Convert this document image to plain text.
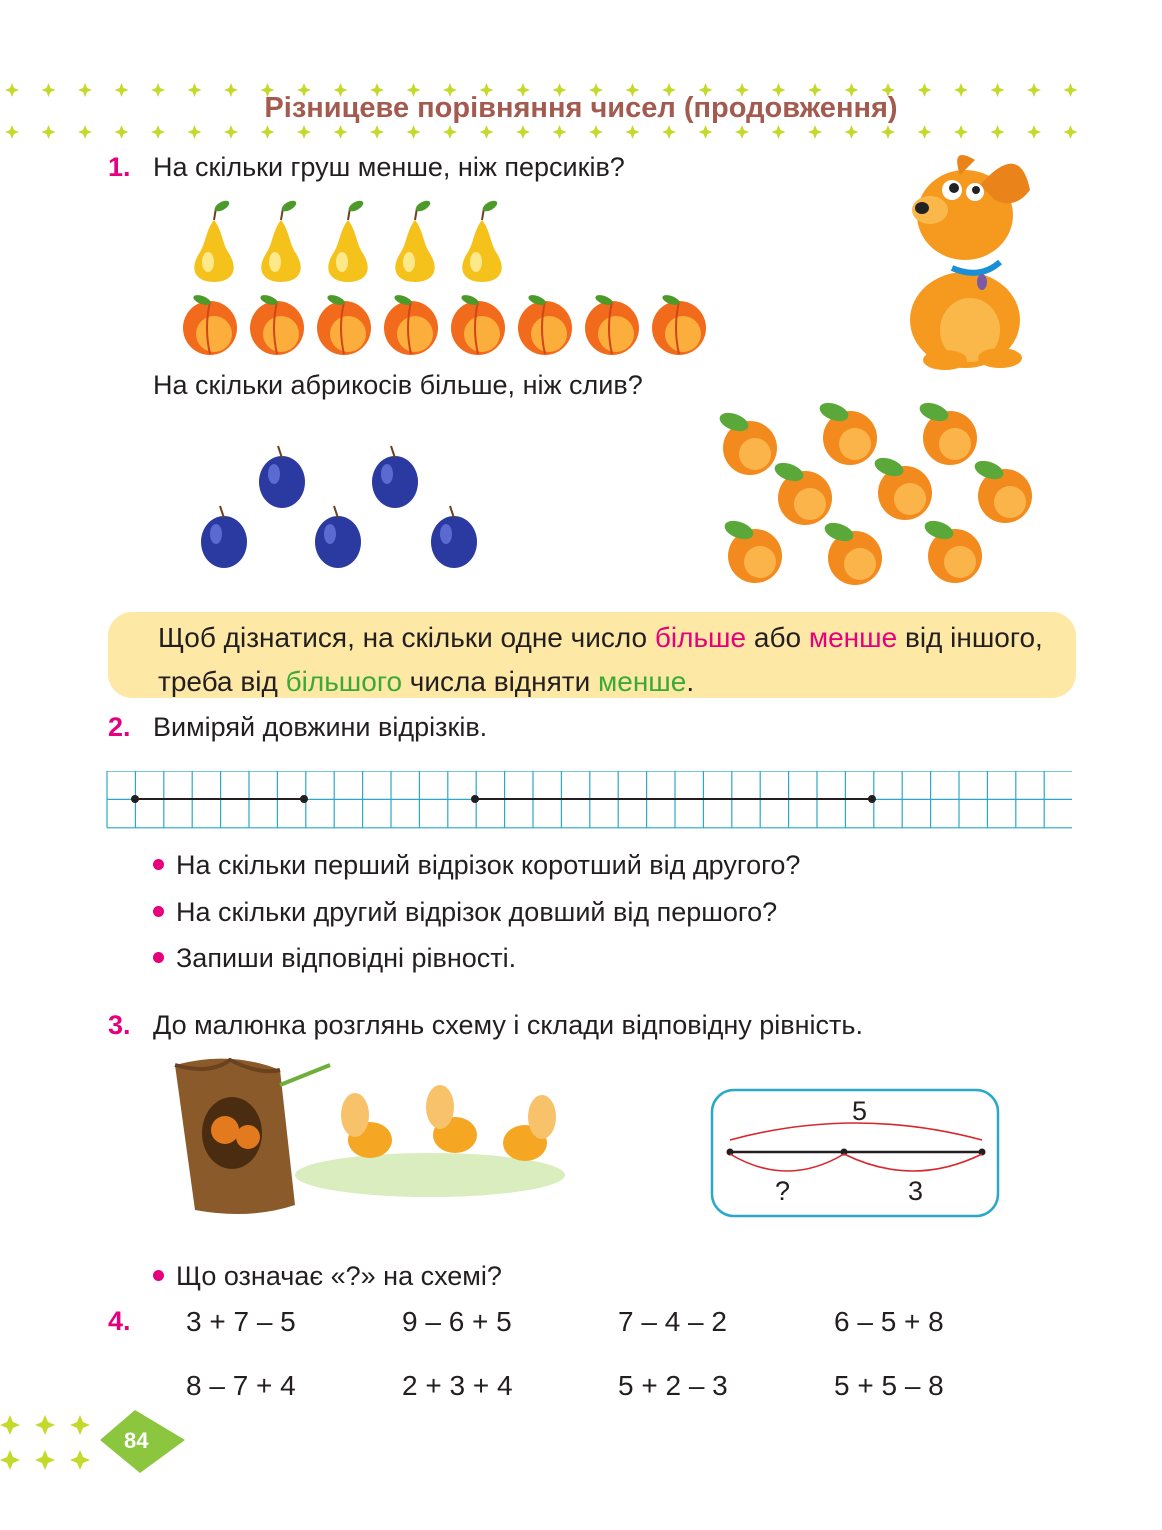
Різницеве порівняння чисел (продовження)
1. На скільки груш менше, ніж персиків?
На скільки абрикосів більше, ніж слив?
Щоб дізнатися, на скільки одне число більше або менше від іншого, треба від більшого числа відняти менше.
2. Виміряй довжини відрізків.
На скільки перший відрізок коротший від другого?
На скільки другий відрізок довший від першого?
Запиши відповідні рівності.
3. До малюнка розглянь схему і склади відповідну рівність.
5
?	3
Що означає «?» на схемі?
4. 3 + 7 – 5	9 – 6 + 5	7 – 4 – 2	6 – 5 + 8
8 – 7 + 4	2 + 3 + 4	5 + 2 – 3	5 + 5 – 8
84
